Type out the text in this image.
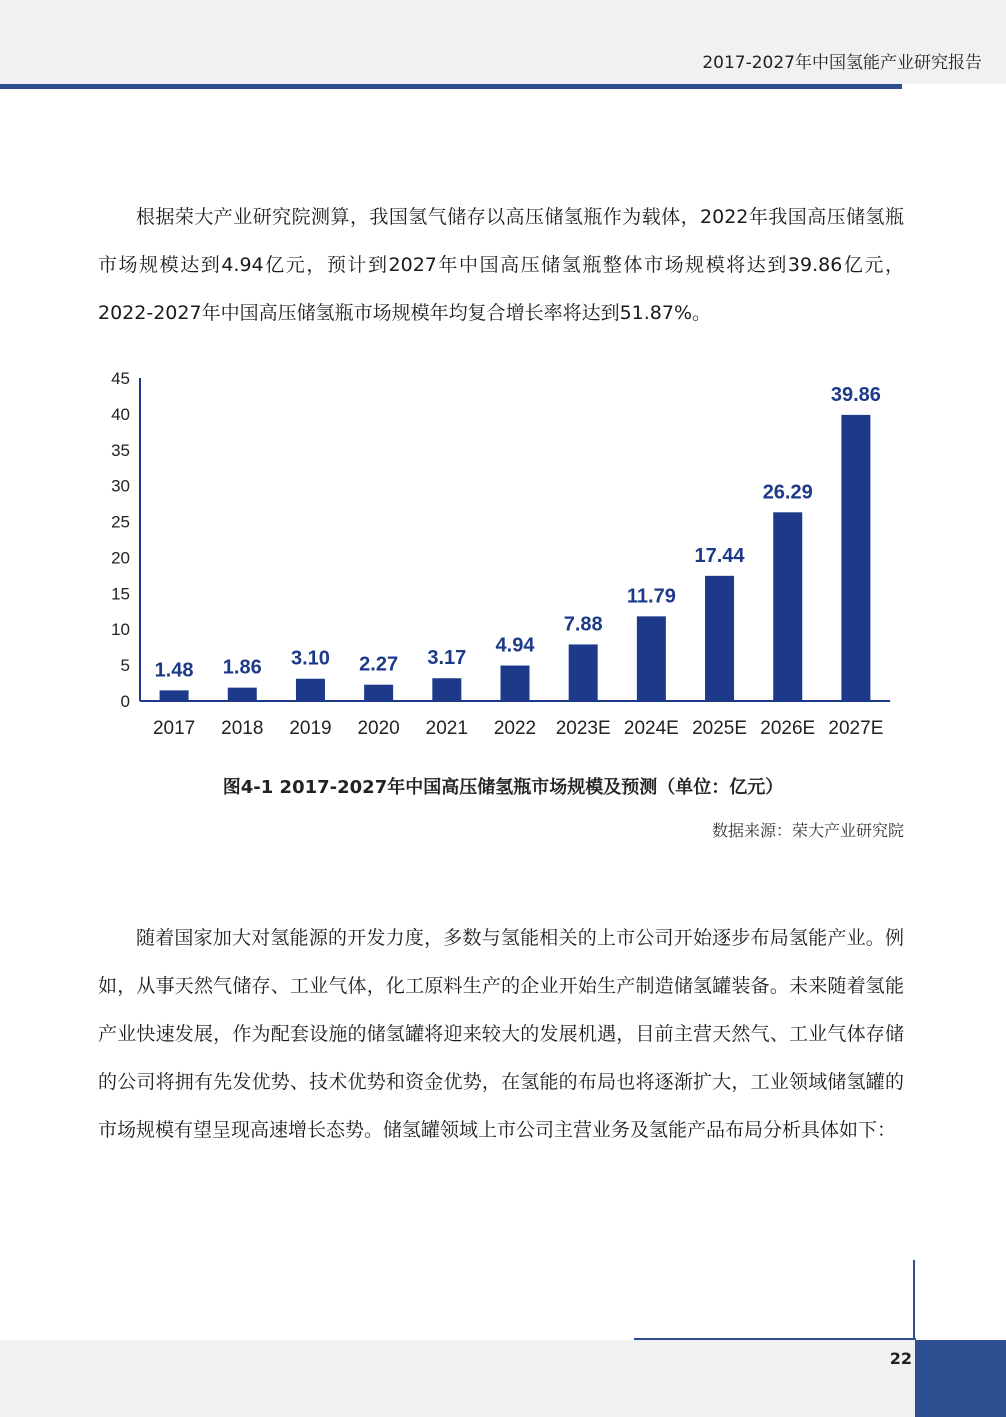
2017-2027年中国氢能产业研究报告

根据荣大产业研究院测算，我国氢气储存以高压储氢瓶作为载体，2022年我国高压储氢瓶市场规模达到4.94亿元，预计到2027年中国高压储氢瓶整体市场规模将达到39.86亿元，2022-2027年中国高压储氢瓶市场规模年均复合增长率将达到51.87%。

0
5
10
15
20
25
30
35
40
45
1.48
2017
1.86
2018
3.10
2019
2.27
2020
3.17
2021
4.94
2022
7.88
2023E
11.79
2024E
17.44
2025E
26.29
2026E
39.86
2027E
图4-1 2017-2027年中国高压储氢瓶市场规模及预测（单位：亿元）
数据来源：荣大产业研究院

随着国家加大对氢能源的开发力度，多数与氢能相关的上市公司开始逐步布局氢能产业。例如，从事天然气储存、工业气体，化工原料生产的企业开始生产制造储氢罐装备。未来随着氢能产业快速发展，作为配套设施的储氢罐将迎来较大的发展机遇，目前主营天然气、工业气体存储的公司将拥有先发优势、技术优势和资金优势，在氢能的布局也将逐渐扩大，工业领域储氢罐的市场规模有望呈现高速增长态势。储氢罐领域上市公司主营业务及氢能产品布局分析具体如下：

22
